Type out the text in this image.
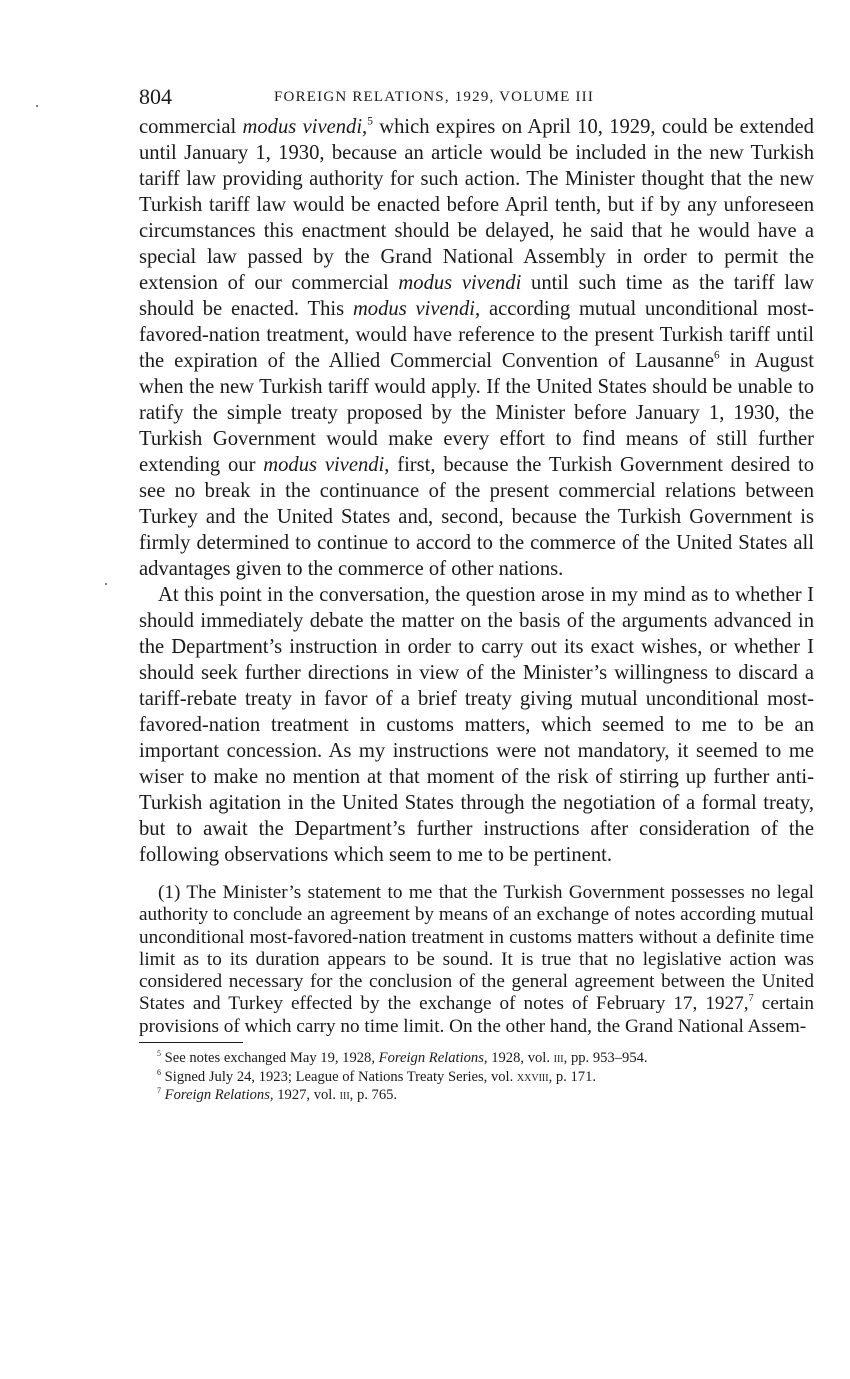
804	FOREIGN RELATIONS, 1929, VOLUME III

commercial modus vivendi,$^5$ which expires on April 10, 1929, could be extended until January 1, 1930, because an article would be included in the new Turkish tariff law providing authority for such action. The Minister thought that the new Turkish tariff law would be enacted before April tenth, but if by any unforeseen circumstances this enactment should be delayed, he said that he would have a special law passed by the Grand National Assembly in order to permit the extension of our commercial modus vivendi until such time as the tariff law should be enacted. This modus vivendi, according mutual unconditional most-favored-nation treatment, would have reference to the present Turkish tariff until the expiration of the Allied Commercial Convention of Lausanne$^6$ in August when the new Turkish tariff would apply. If the United States should be unable to ratify the simple treaty proposed by the Minister before January 1, 1930, the Turkish Government would make every effort to find means of still further extending our modus vivendi, first, because the Turkish Government desired to see no break in the continuance of the present commercial relations between Turkey and the United States and, second, because the Turkish Government is firmly determined to continue to accord to the commerce of the United States all advantages given to the commerce of other nations.

At this point in the conversation, the question arose in my mind as to whether I should immediately debate the matter on the basis of the arguments advanced in the Department’s instruction in order to carry out its exact wishes, or whether I should seek further directions in view of the Minister’s willingness to discard a tariff-rebate treaty in favor of a brief treaty giving mutual unconditional most-favored-nation treatment in customs matters, which seemed to me to be an important concession. As my instructions were not mandatory, it seemed to me wiser to make no mention at that moment of the risk of stirring up further anti-Turkish agitation in the United States through the negotiation of a formal treaty, but to await the Department’s further instructions after consideration of the following observations which seem to me to be pertinent.

(1) The Minister’s statement to me that the Turkish Government possesses no legal authority to conclude an agreement by means of an exchange of notes according mutual unconditional most-favored-nation treatment in customs matters without a definite time limit as to its duration appears to be sound. It is true that no legislative action was considered necessary for the conclusion of the general agreement between the United States and Turkey effected by the exchange of notes of February 17, 1927,$^7$ certain provisions of which carry no time limit. On the other hand, the Grand National Assem-

$^5$ See notes exchanged May 19, 1928, Foreign Relations, 1928, vol. iii, pp. 953–954.

$^6$ Signed July 24, 1923; League of Nations Treaty Series, vol. xxviii, p. 171.

$^7$ Foreign Relations, 1927, vol. iii, p. 765.
